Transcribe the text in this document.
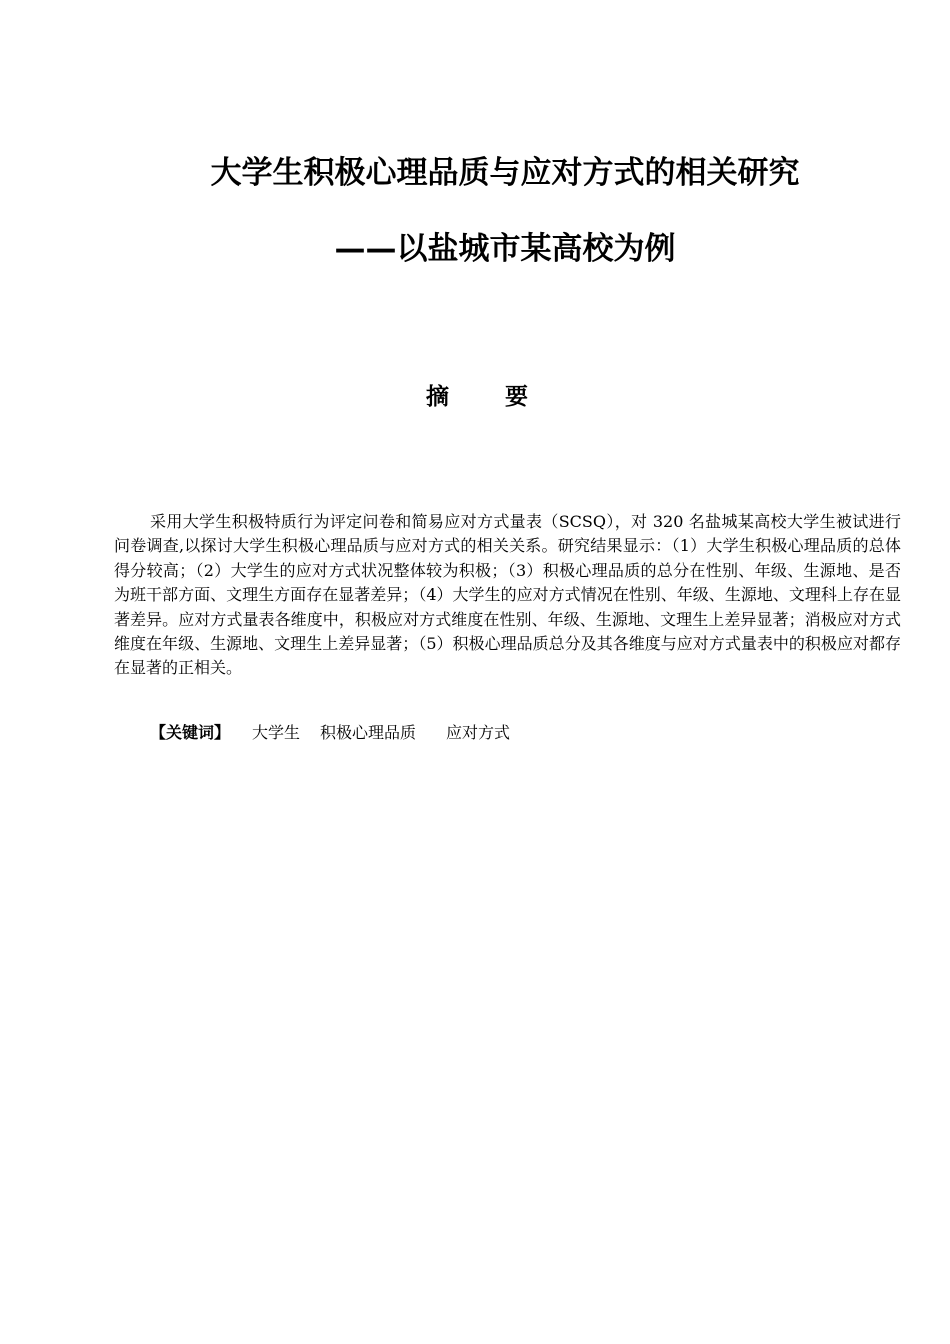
大学生积极心理品质与应对方式的相关研究
——以盐城市某高校为例
摘要

采用大学生积极特质行为评定问卷和简易应对方式量表（SCSQ），对 320 名盐城某高校大学生被试进行问卷调查,以探讨大学生积极心理品质与应对方式的相关关系。研究结果显示：（1）大学生积极心理品质的总体得分较高；（2）大学生的应对方式状况整体较为积极；（3）积极心理品质的总分在性别、年级、生源地、是否为班干部方面、文理生方面存在显著差异；（4）大学生的应对方式情况在性别、年级、生源地、文理科上存在显著差异。应对方式量表各维度中，积极应对方式维度在性别、年级、生源地、文理生上差异显著；消极应对方式维度在年级、生源地、文理生上差异显著；（5）积极心理品质总分及其各维度与应对方式量表中的积极应对都存在显著的正相关。

【关键词】 大学生 积极心理品质 应对方式
